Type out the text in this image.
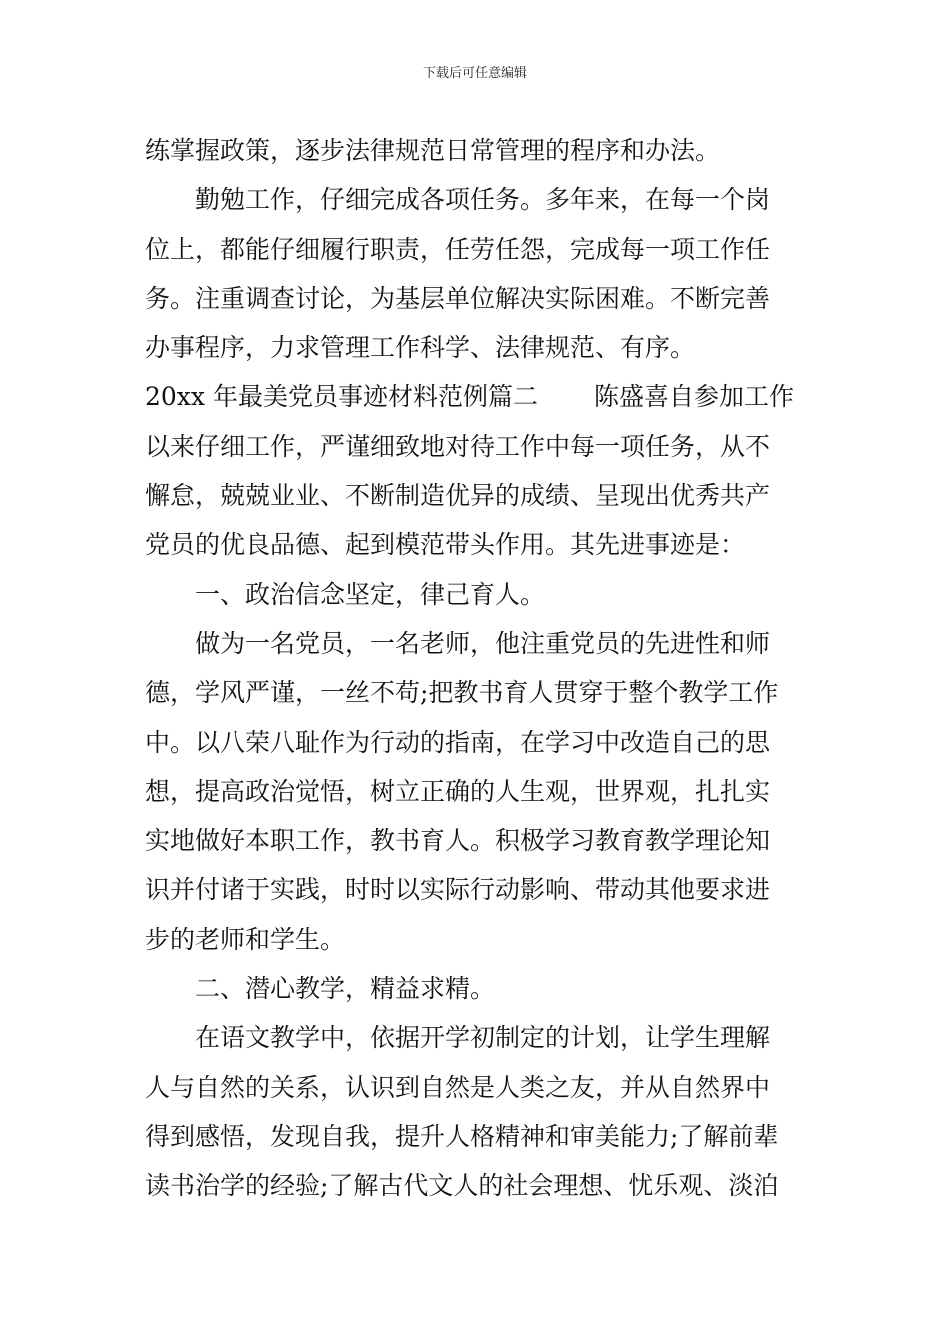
下载后可任意编辑
练掌握政策，逐步法律规范日常管理的程序和办法。
勤勉工作，仔细完成各项任务。多年来，在每一个岗
位上，都能仔细履行职责，任劳任怨，完成每一项工作任
务。注重调查讨论，为基层单位解决实际困难。不断完善
办事程序，力求管理工作科学、法律规范、有序。
20xx 年最美党员事迹材料范例篇二 陈盛喜自参加工作
以来仔细工作，严谨细致地对待工作中每一项任务，从不
懈怠，兢兢业业、不断制造优异的成绩、呈现出优秀共产
党员的优良品德、起到模范带头作用。其先进事迹是：
一、政治信念坚定，律己育人。
做为一名党员，一名老师，他注重党员的先进性和师
德，学风严谨，一丝不苟;把教书育人贯穿于整个教学工作
中。以八荣八耻作为行动的指南，在学习中改造自己的思
想，提高政治觉悟，树立正确的人生观，世界观，扎扎实
实地做好本职工作，教书育人。积极学习教育教学理论知
识并付诸于实践，时时以实际行动影响、带动其他要求进
步的老师和学生。
二、潜心教学，精益求精。
在语文教学中，依据开学初制定的计划，让学生理解
人与自然的关系，认识到自然是人类之友，并从自然界中
得到感悟，发现自我，提升人格精神和审美能力;了解前辈
读书治学的经验;了解古代文人的社会理想、忧乐观、淡泊
